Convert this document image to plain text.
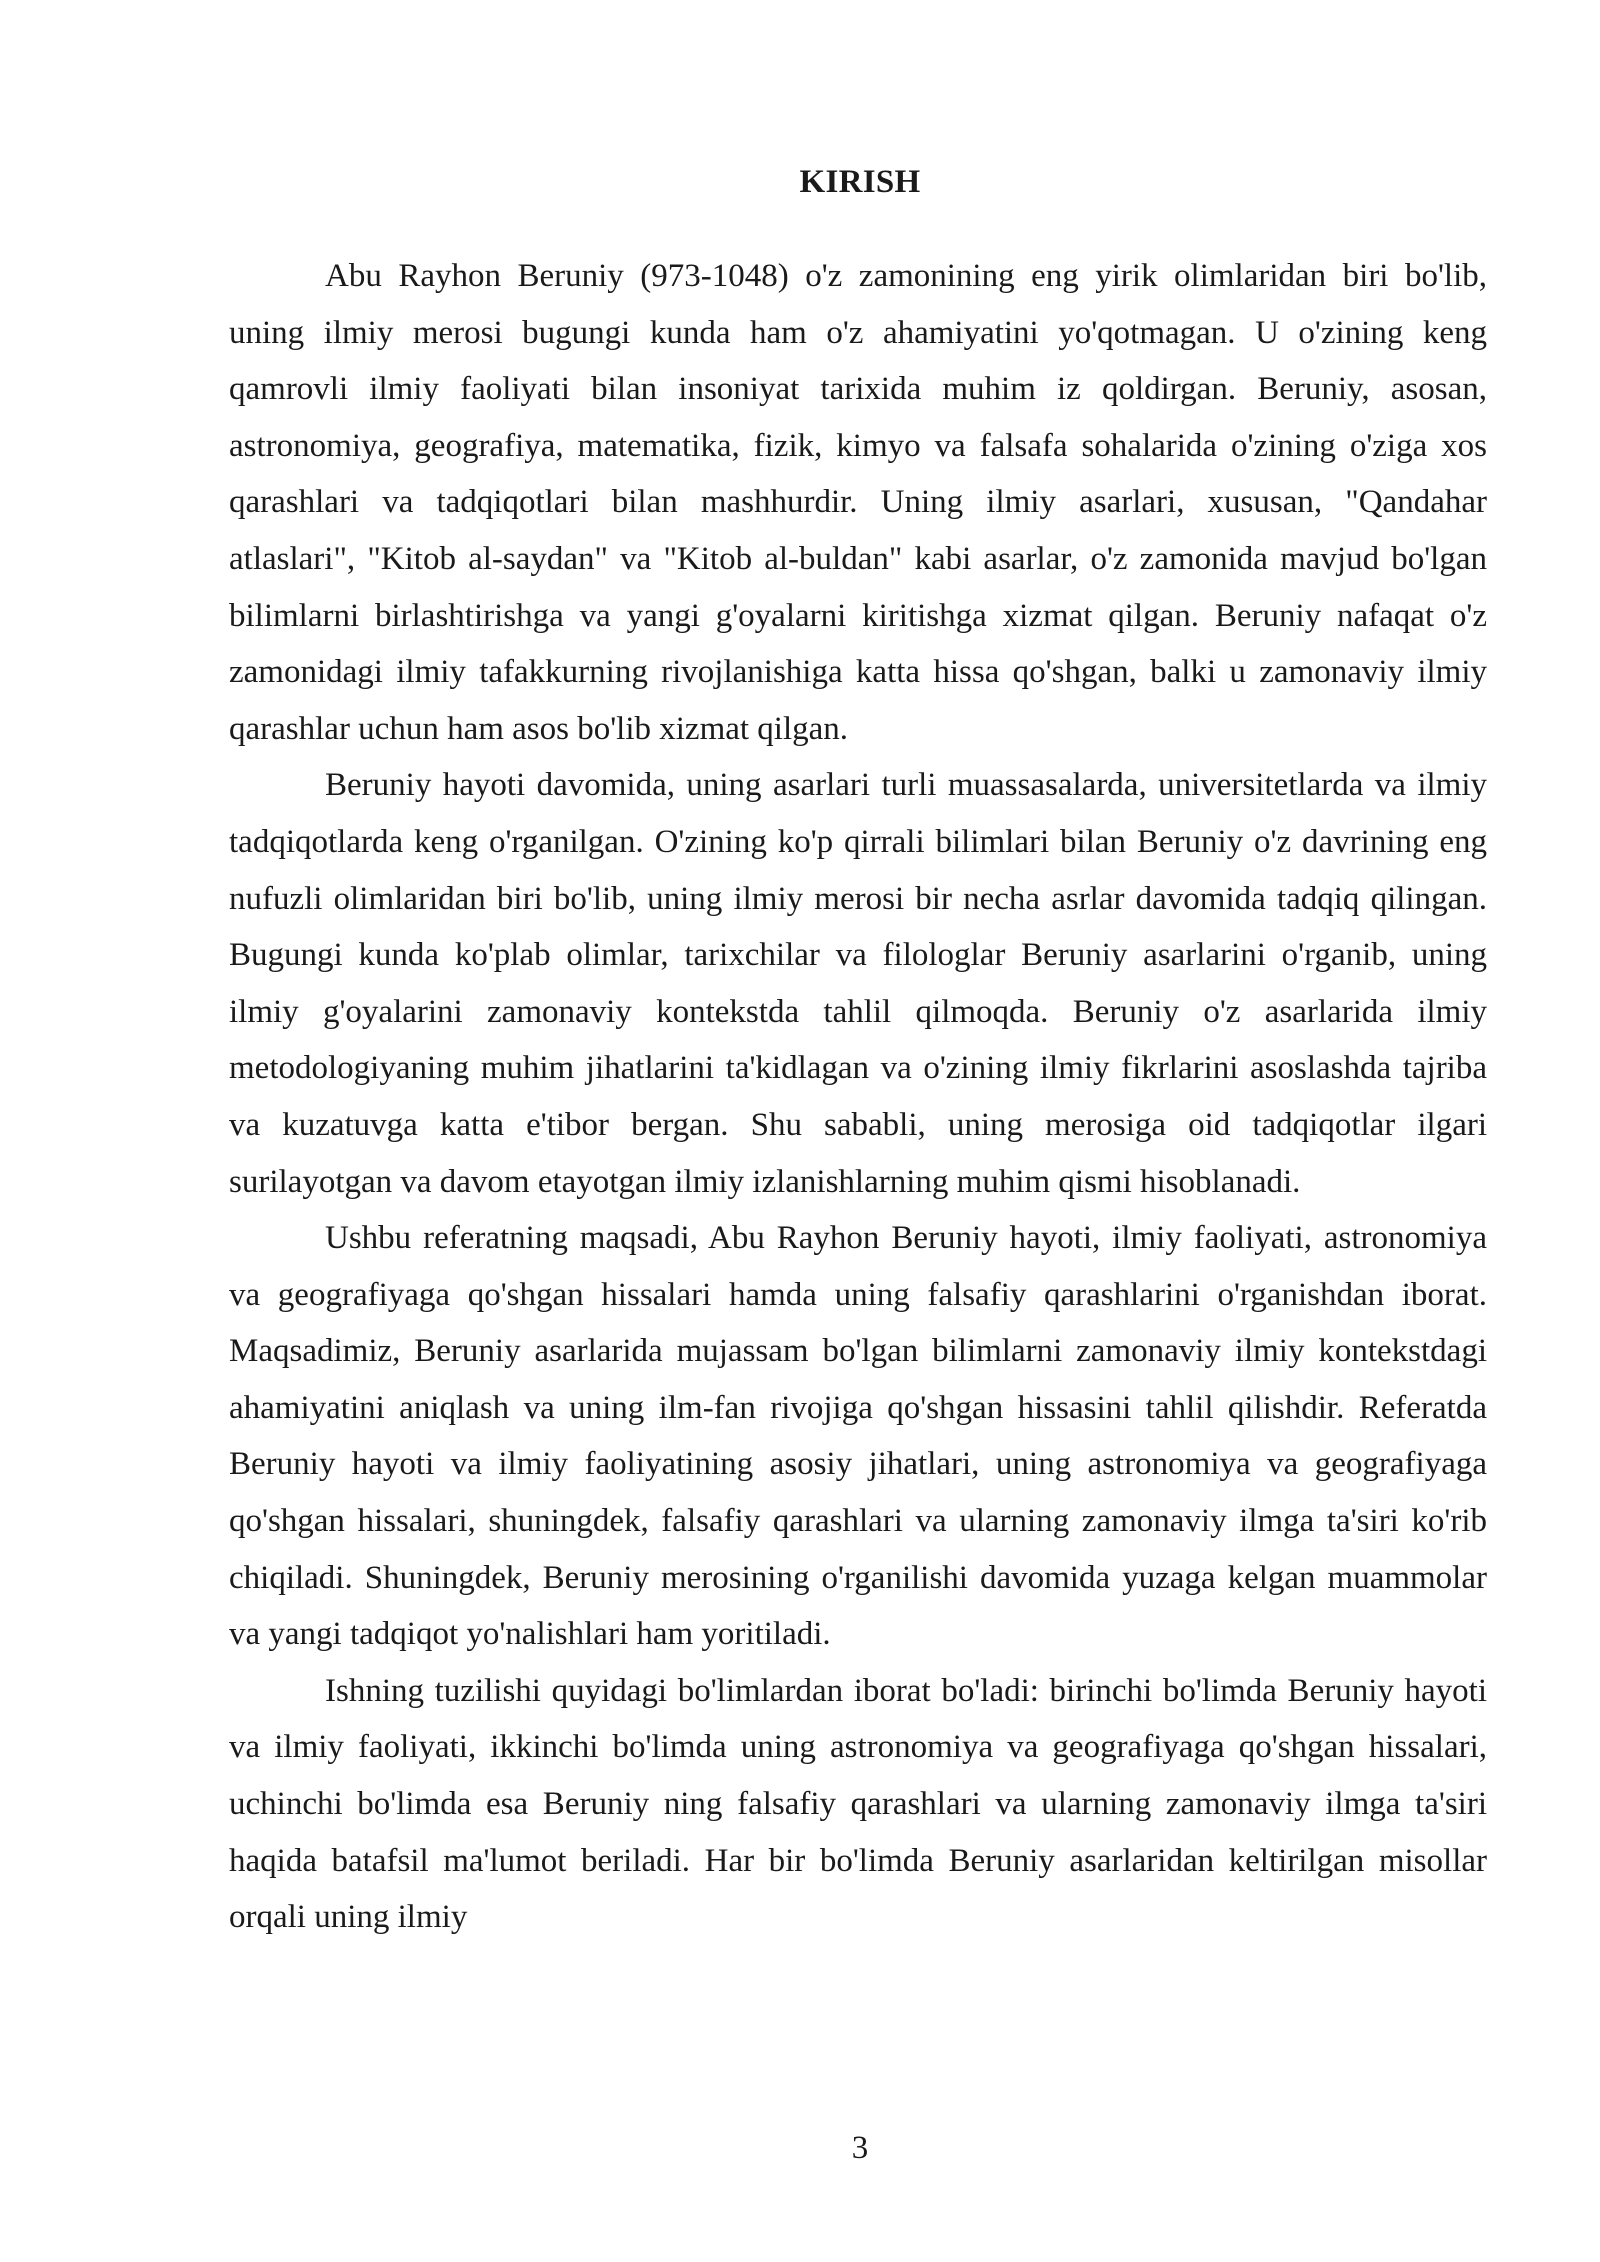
KIRISH

Abu Rayhon Beruniy (973-1048) o'z zamonining eng yirik olimlaridan biri bo'lib, uning ilmiy merosi bugungi kunda ham o'z ahamiyatini yo'qotmagan. U o'zining keng qamrovli ilmiy faoliyati bilan insoniyat tarixida muhim iz qoldirgan. Beruniy, asosan, astronomiya, geografiya, matematika, fizik, kimyo va falsafa sohalarida o'zining o'ziga xos qarashlari va tadqiqotlari bilan mashhurdir. Uning ilmiy asarlari, xususan, "Qandahar atlaslari", "Kitob al-saydan" va "Kitob al-buldan" kabi asarlar, o'z zamonida mavjud bo'lgan bilimlarni birlashtirishga va yangi g'oyalarni kiritishga xizmat qilgan. Beruniy nafaqat o'z zamonidagi ilmiy tafakkurning rivojlanishiga katta hissa qo'shgan, balki u zamonaviy ilmiy qarashlar uchun ham asos bo'lib xizmat qilgan.

Beruniy hayoti davomida, uning asarlari turli muassasalarda, universitetlarda va ilmiy tadqiqotlarda keng o'rganilgan. O'zining ko'p qirrali bilimlari bilan Beruniy o'z davrining eng nufuzli olimlaridan biri bo'lib, uning ilmiy merosi bir necha asrlar davomida tadqiq qilingan. Bugungi kunda ko'plab olimlar, tarixchilar va filologlar Beruniy asarlarini o'rganib, uning ilmiy g'oyalarini zamonaviy kontekstda tahlil qilmoqda. Beruniy o'z asarlarida ilmiy metodologiyaning muhim jihatlarini ta'kidlagan va o'zining ilmiy fikrlarini asoslashda tajriba va kuzatuvga katta e'tibor bergan. Shu sababli, uning merosiga oid tadqiqotlar ilgari surilayotgan va davom etayotgan ilmiy izlanishlarning muhim qismi hisoblanadi.

Ushbu referatning maqsadi, Abu Rayhon Beruniy hayoti, ilmiy faoliyati, astronomiya va geografiyaga qo'shgan hissalari hamda uning falsafiy qarashlarini o'rganishdan iborat. Maqsadimiz, Beruniy asarlarida mujassam bo'lgan bilimlarni zamonaviy ilmiy kontekstdagi ahamiyatini aniqlash va uning ilm-fan rivojiga qo'shgan hissasini tahlil qilishdir. Referatda Beruniy hayoti va ilmiy faoliyatining asosiy jihatlari, uning astronomiya va geografiyaga qo'shgan hissalari, shuningdek, falsafiy qarashlari va ularning zamonaviy ilmga ta'siri ko'rib chiqiladi. Shuningdek, Beruniy merosining o'rganilishi davomida yuzaga kelgan muammolar va yangi tadqiqot yo'nalishlari ham yoritiladi.

Ishning tuzilishi quyidagi bo'limlardan iborat bo'ladi: birinchi bo'limda Beruniy hayoti va ilmiy faoliyati, ikkinchi bo'limda uning astronomiya va geografiyaga qo'shgan hissalari, uchinchi bo'limda esa Beruniy ning falsafiy qarashlari va ularning zamonaviy ilmga ta'siri haqida batafsil ma'lumot beriladi. Har bir bo'limda Beruniy asarlaridan keltirilgan misollar orqali uning ilmiy

3
